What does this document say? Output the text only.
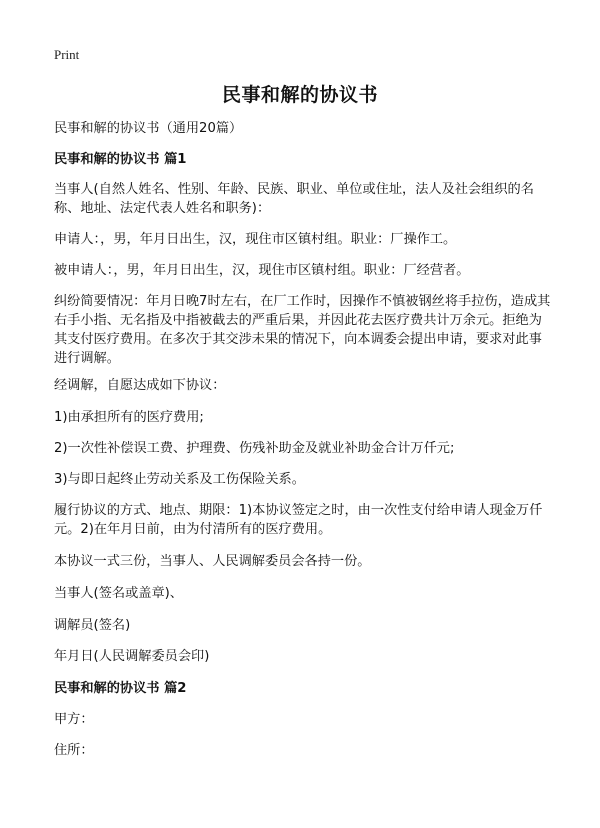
Print
民事和解的协议书
民事和解的协议书（通用20篇）
民事和解的协议书 篇1
当事人(自然人姓名、性别、年龄、民族、职业、单位或住址，法人及社会组织的名称、地址、法定代表人姓名和职务)：
申请人：，男，年月日出生，汉，现住市区镇村组。职业：厂操作工。
被申请人：，男，年月日出生，汉，现住市区镇村组。职业：厂经营者。
纠纷简要情况：年月日晚7时左右，在厂工作时，因操作不慎被钢丝将手拉伤，造成其右手小指、无名指及中指被截去的严重后果，并因此花去医疗费共计万余元。拒绝为其支付医疗费用。在多次于其交涉未果的情况下，向本调委会提出申请，要求对此事进行调解。
经调解，自愿达成如下协议：
1)由承担所有的医疗费用;
2)一次性补偿误工费、护理费、伤残补助金及就业补助金合计万仟元;
3)与即日起终止劳动关系及工伤保险关系。
履行协议的方式、地点、期限：1)本协议签定之时，由一次性支付给申请人现金万仟元。2)在年月日前，由为付清所有的医疗费用。
本协议一式三份，当事人、人民调解委员会各持一份。
当事人(签名或盖章)、
调解员(签名)
年月日(人民调解委员会印)
民事和解的协议书 篇2
甲方：
住所：
